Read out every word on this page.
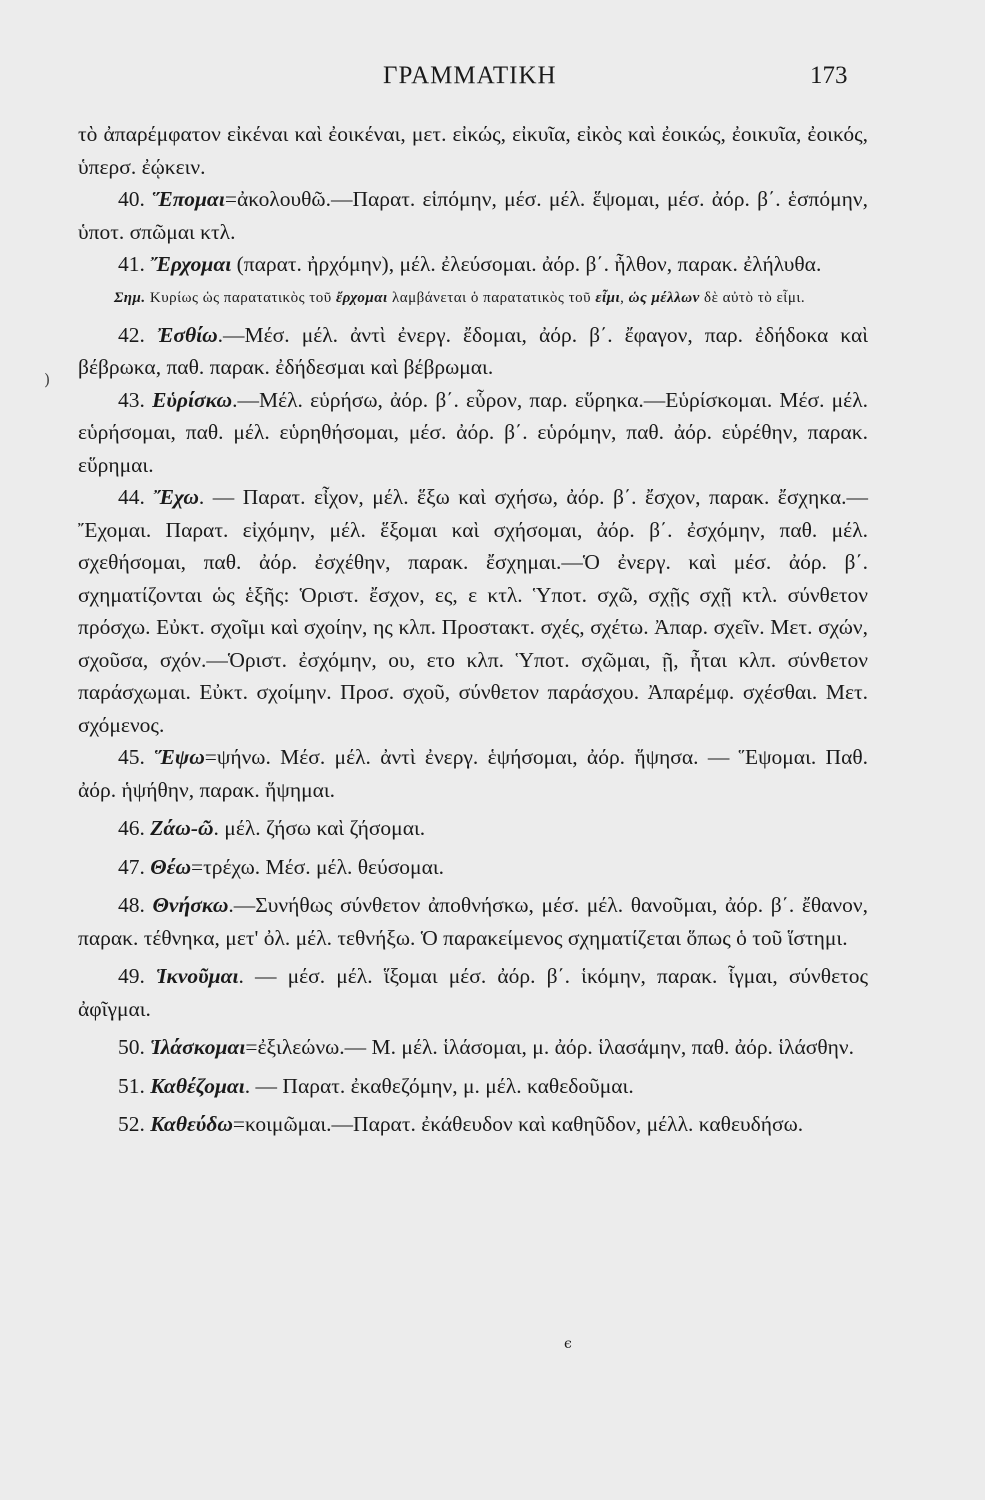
ΓΡΑΜΜΑΤΙΚΗ	173
)

τὸ ἀπαρέμφατον εἰκέναι καὶ ἐοικέναι, μετ. εἰκώς, εἰκυῖα, εἰκὸς καὶ ἐοικώς, ἐοικυῖα, ἐοικός, ὑπερσ. ἐῴκειν.

40. Ἕπομαι=ἀκολουθῶ.—Παρατ. εἱπόμην, μέσ. μέλ. ἕψομαι, μέσ. ἀόρ. β΄. ἑσπόμην, ὑποτ. σπῶμαι κτλ.

41. Ἔρχομαι (παρατ. ἠρχόμην), μέλ. ἐλεύσομαι. ἀόρ. β΄. ἦλθον, παρακ. ἐλήλυθα.

Σημ. Κυρίως ὡς παρατατικὸς τοῦ ἔρχομαι λαμβάνεται ὁ παρατατικὸς τοῦ εἶμι, ὡς μέλλων δὲ αὐτὸ τὸ εἶμι.

42. Ἐσθίω.—Μέσ. μέλ. ἀντὶ ἐνεργ. ἔδομαι, ἀόρ. β΄. ἔφαγον, παρ. ἐδήδοκα καὶ βέβρωκα, παθ. παρακ. ἐδήδεσμαι καὶ βέβρωμαι.

43. Εὑρίσκω.—Μέλ. εὑρήσω, ἀόρ. β΄. εὗρον, παρ. εὕρηκα.—Εὑρίσκομαι. Μέσ. μέλ. εὑρήσομαι, παθ. μέλ. εὑρηθήσομαι, μέσ. ἀόρ. β΄. εὑρόμην, παθ. ἀόρ. εὑρέθην, παρακ. εὕρημαι.

44. Ἔχω. — Παρατ. εἶχον, μέλ. ἕξω καὶ σχήσω, ἀόρ. β΄. ἔσχον, παρακ. ἔσχηκα.—Ἔχομαι. Παρατ. εἰχόμην, μέλ. ἕξομαι καὶ σχήσομαι, ἀόρ. β΄. ἐσχόμην, παθ. μέλ. σχεθήσομαι, παθ. ἀόρ. ἐσχέθην, παρακ. ἔσχημαι.—Ὁ ἐνεργ. καὶ μέσ. ἀόρ. β΄. σχηματίζονται ὡς ἑξῆς: Ὁριστ. ἔσχον, ες, ε κτλ. Ὑποτ. σχῶ, σχῇς σχῇ κτλ. σύνθετον πρόσχω. Εὐκτ. σχοῖμι καὶ σχοίην, ης κλπ. Προστακτ. σχές, σχέτω. Ἀπαρ. σχεῖν. Μετ. σχών, σχοῦσα, σχόν.—Ὁριστ. ἐσχόμην, ου, ετο κλπ. Ὑποτ. σχῶμαι, ῇ, ἦται κλπ. σύνθετον παράσχωμαι. Εὐκτ. σχοίμην. Προσ. σχοῦ, σύνθετον παράσχου. Ἀπαρέμφ. σχέσθαι. Μετ. σχόμενος.

45. Ἕψω=ψήνω. Μέσ. μέλ. ἀντὶ ἐνεργ. ἑψήσομαι, ἀόρ. ἥψησα. — Ἕψομαι. Παθ. ἀόρ. ἡψήθην, παρακ. ἥψημαι.

46. Ζάω-ῶ. μέλ. ζήσω καὶ ζήσομαι.

47. Θέω=τρέχω. Μέσ. μέλ. θεύσομαι.

48. Θνήσκω.—Συνήθως σύνθετον ἀποθνήσκω, μέσ. μέλ. θανοῦμαι, ἀόρ. β΄. ἔθανον, παρακ. τέθνηκα, μετ' ὀλ. μέλ. τεθνήξω. Ὁ παρακείμενος σχηματίζεται ὅπως ὁ τοῦ ἵστημι.

49. Ἱκνοῦμαι. — μέσ. μέλ. ἵξομαι μέσ. ἀόρ. β΄. ἱκόμην, παρακ. ἷγμαι, σύνθετος ἀφῖγμαι.

50. Ἱλάσκομαι=ἐξιλεώνω.— Μ. μέλ. ἱλάσομαι, μ. ἀόρ. ἱλασάμην, παθ. ἀόρ. ἱλάσθην.

51. Καθέζομαι. — Παρατ. ἐκαθεζόμην, μ. μέλ. καθεδοῦμαι.

52. Καθεύδω=κοιμῶμαι.—Παρατ. ἐκάθευδον καὶ καθηῦδον, μέλλ. καθευδήσω.

ϵ
